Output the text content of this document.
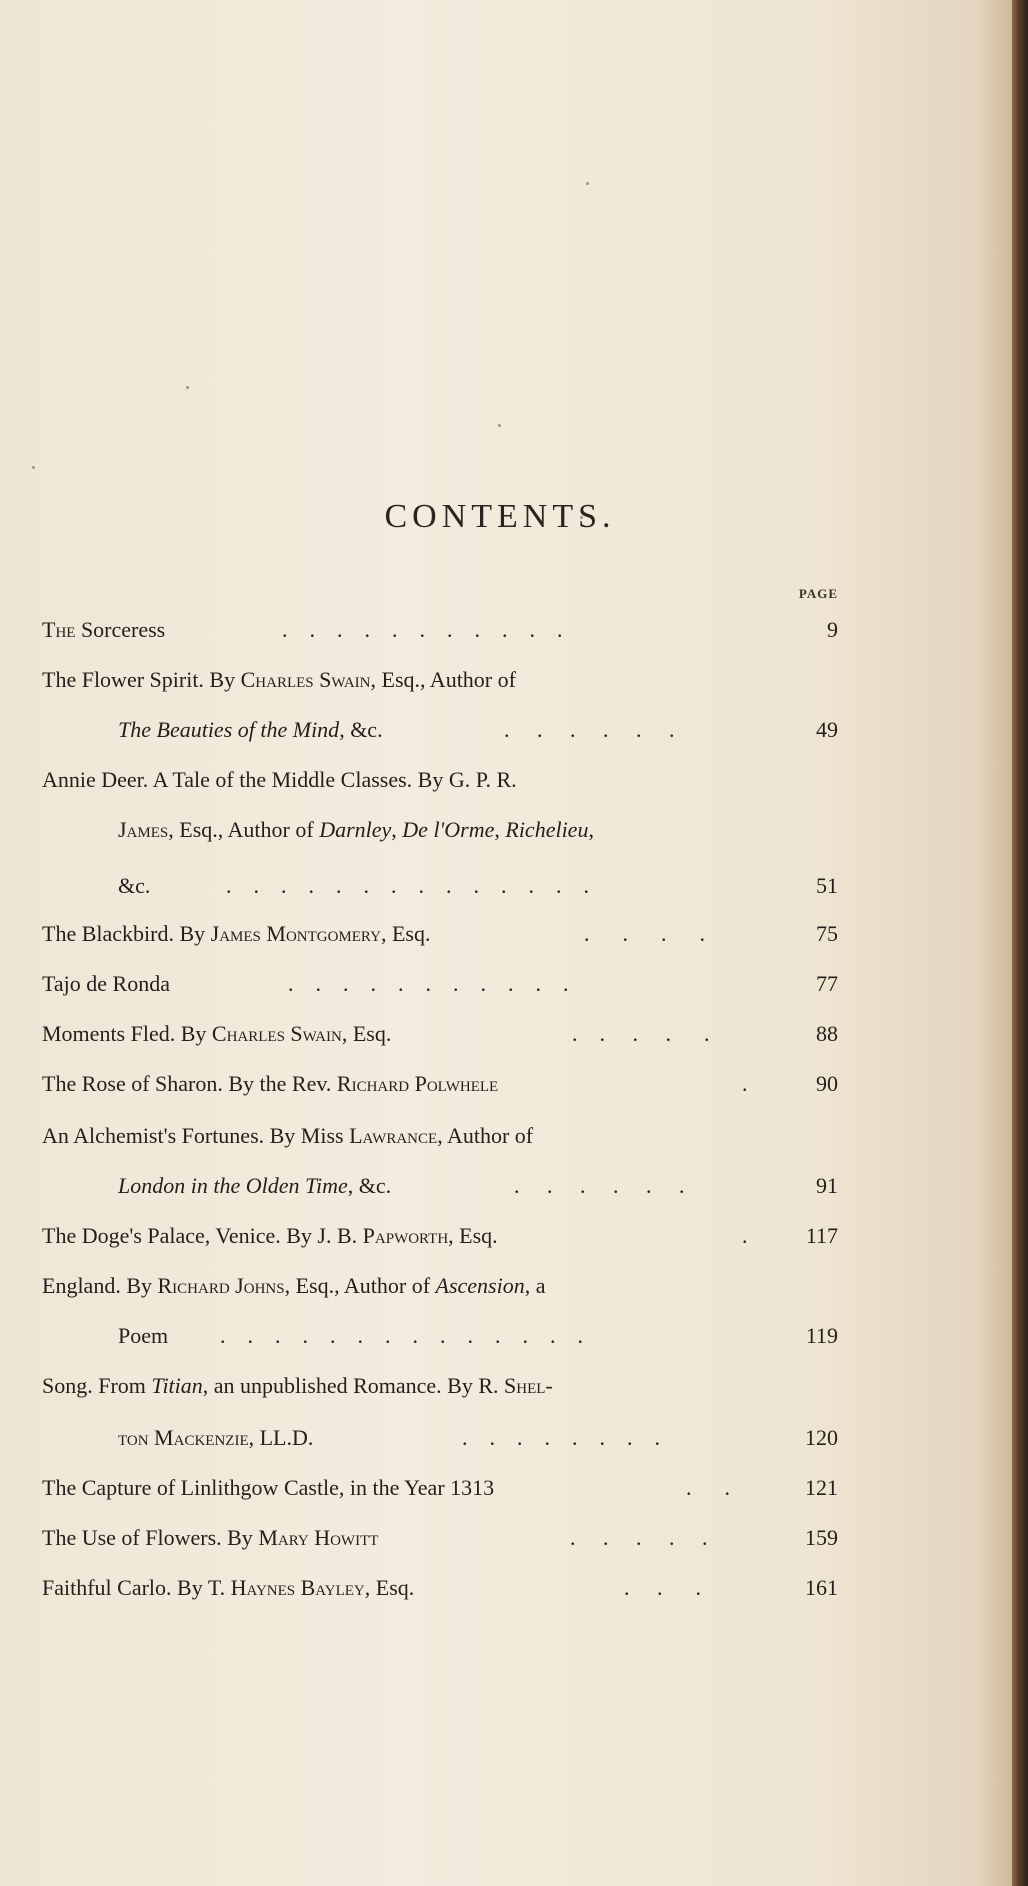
CONTENTS.
PAGE
The Sorceress	.    .    .    .    .    .    .    .    .    .    .	9
The Flower Spirit. By Charles Swain, Esq., Author of
The Beauties of the Mind, &c.	.     .     .     .     .     .	49
Annie Deer. A Tale of the Middle Classes. By G. P. R.
James, Esq., Author of Darnley, De l'Orme, Richelieu,
&c.	.    .    .    .    .    .    .    .    .    .    .    .    .    .	51
The Blackbird. By James Montgomery, Esq.	.      .      .      .	75
Tajo de Ronda	.    .    .    .    .    .    .    .    .    .    .	77
Moments Fled. By Charles Swain, Esq.	.    .     .     .      .	88
The Rose of Sharon. By the Rev. Richard Polwhele	.	90
An Alchemist's Fortunes. By Miss Lawrance, Author of
London in the Olden Time, &c.	.     .     .     .     .     .	91
The Doge's Palace, Venice. By J. B. Papworth, Esq.	.	117
England. By Richard Johns, Esq., Author of Ascension, a
Poem .    .    .    .    .    .    .    .    .    .    .    .    .    .	119
Song. From Titian, an unpublished Romance. By R. Shel-
ton Mackenzie, LL.D.	.    .    .    .    .    .    .    .	120
The Capture of Linlithgow Castle, in the Year 1313	.      .	121
The Use of Flowers. By Mary Howitt	.     .     .     .     .	159
Faithful Carlo. By T. Haynes Bayley, Esq.	.     .      .	161
